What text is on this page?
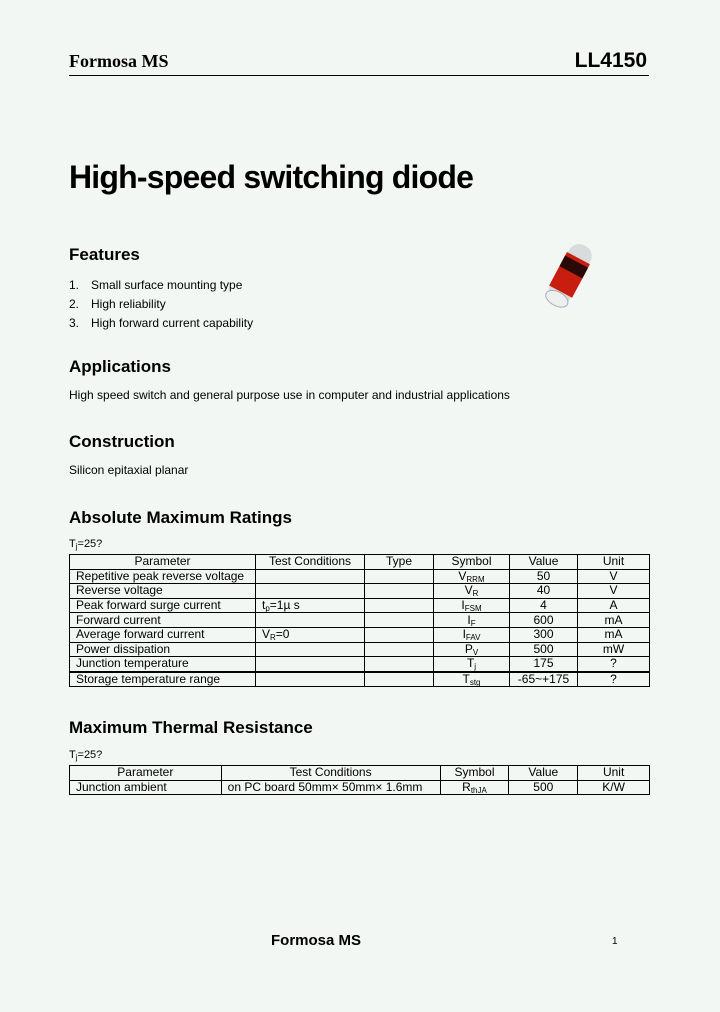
Formosa MS	LL4150
High-speed switching diode
Features
1. Small surface mounting type
2. High reliability
3. High forward current capability
Applications
High speed switch and general purpose use in computer and industrial applications
Construction
Silicon epitaxial planar
Absolute Maximum Ratings
$T_j=25$?
Parameter	Test Conditions	Type	Symbol	Value	Unit
Repetitive peak reverse voltage			$V_{RRM}$	50	V
Reverse voltage			$V_R$	40	V
Peak forward surge current	$t_p=1\mu$ s		$I_{FSM}$	4	A
Forward current			$I_F$	600	mA
Average forward current	$V_R=0$		$I_{FAV}$	300	mA
Power dissipation			$P_V$	500	mW
Junction temperature			$T_j$	175	?
Storage temperature range			$T_{stg}$	-65~+175	?
Maximum Thermal Resistance
$T_j=25$?
Parameter	Test Conditions	Symbol	Value	Unit
Junction ambient	on PC board 50mm× 50mm× 1.6mm	$R_{thJA}$	500	K/W
Formosa MS	1
